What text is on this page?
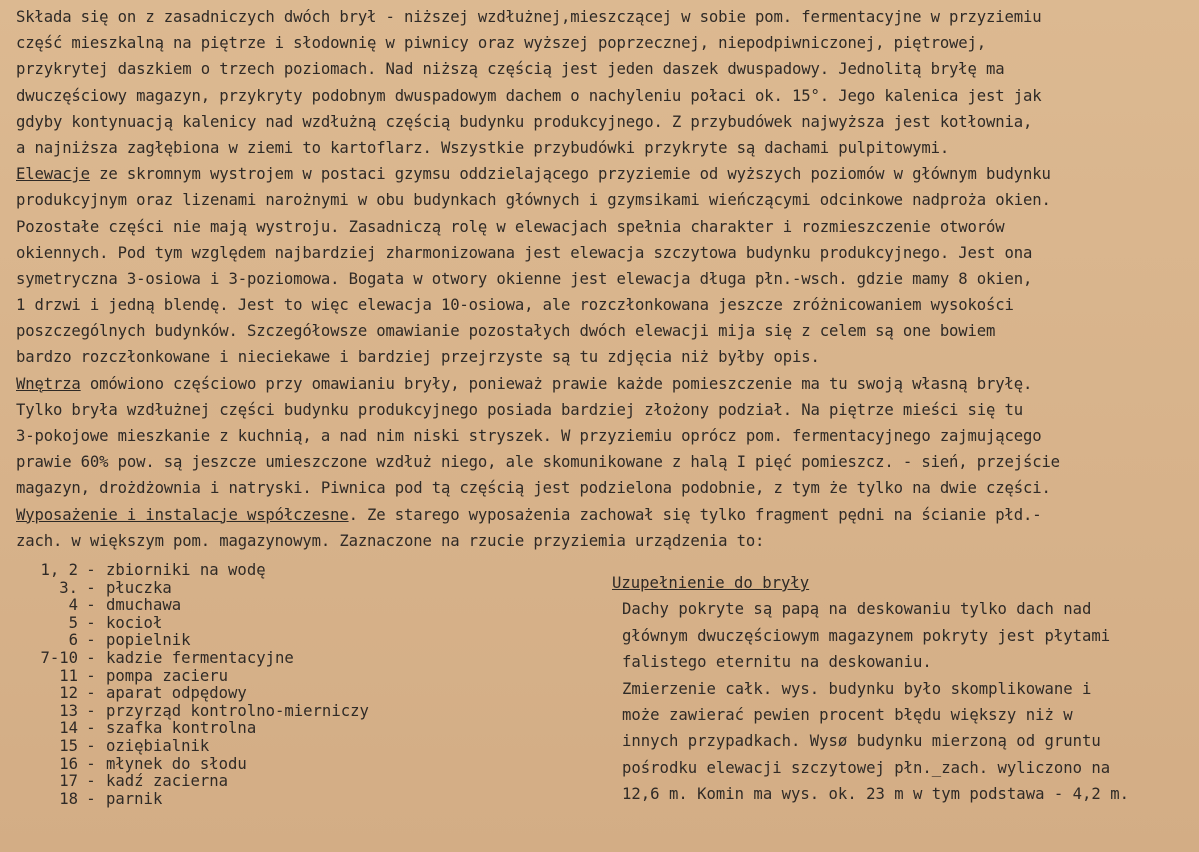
Składa się on z zasadniczych dwóch brył - niższej wzdłużnej,mieszczącej w sobie pom. fermentacyjne w przyziemiu
część mieszkalną na piętrze i słodownię w piwnicy oraz wyższej poprzecznej, niepodpiwniczonej, piętrowej,
przykrytej daszkiem o trzech poziomach. Nad niższą częścią jest jeden daszek dwuspadowy. Jednolitą bryłę ma
dwuczęściowy magazyn, przykryty podobnym dwuspadowym dachem o nachyleniu połaci ok. 15°. Jego kalenica jest jak
gdyby kontynuacją kalenicy nad wzdłużną częścią budynku produkcyjnego. Z przybudówek najwyższa jest kotłownia,
a najniższa zagłębiona w ziemi to kartoflarz. Wszystkie przybudówki przykryte są dachami pulpitowymi.
Elewacje ze skromnym wystrojem w postaci gzymsu oddzielającego przyziemie od wyższych poziomów w głównym budynku
produkcyjnym oraz lizenami narożnymi w obu budynkach głównych i gzymsikami wieńczącymi odcinkowe nadproża okien.
Pozostałe części nie mają wystroju. Zasadniczą rolę w elewacjach spełnia charakter i rozmieszczenie otworów
okiennych. Pod tym względem najbardziej zharmonizowana jest elewacja szczytowa budynku produkcyjnego. Jest ona
symetryczna 3-osiowa i 3-poziomowa. Bogata w otwory okienne jest elewacja długa płn.-wsch. gdzie mamy 8 okien,
1 drzwi i jedną blendę. Jest to więc elewacja 10-osiowa, ale rozczłonkowana jeszcze zróżnicowaniem wysokości
poszczególnych budynków. Szczegółowsze omawianie pozostałych dwóch elewacji mija się z celem są one bowiem
bardzo rozczłonkowane i nieciekawe i bardziej przejrzyste są tu zdjęcia niż byłby opis.
Wnętrza omówiono częściowo przy omawianiu bryły, ponieważ prawie każde pomieszczenie ma tu swoją własną bryłę.
Tylko bryła wzdłużnej części budynku produkcyjnego posiada bardziej złożony podział. Na piętrze mieści się tu
3-pokojowe mieszkanie z kuchnią, a nad nim niski stryszek. W przyziemiu oprócz pom. fermentacyjnego zajmującego
prawie 60% pow. są jeszcze umieszczone wzdłuż niego, ale skomunikowane z halą I pięć pomieszcz. - sień, przejście
magazyn, drożdżownia i natryski. Piwnica pod tą częścią jest podzielona podobnie, z tym że tylko na dwie części.
Wyposażenie i instalacje współczesne. Ze starego wyposażenia zachował się tylko fragment pędni na ścianie płd.-
zach. w większym pom. magazynowym. Zaznaczone na rzucie przyziemia urządzenia to:
1, 2 - zbiorniki na wodę
3. - płuczka
4 - dmuchawa
5 - kocioł
6 - popielnik
7-10 - kadzie fermentacyjne
11 - pompa zacieru
12 - aparat odpędowy
13 - przyrząd kontrolno-mierniczy
14 - szafka kontrolna
15 - oziębialnik
16 - młynek do słodu
17 - kadź zacierna
18 - parnik
Uzupełnienie do bryły
Dachy pokryte są papą na deskowaniu tylko dach nad
głównym dwuczęściowym magazynem pokryty jest płytami
falistego eternitu na deskowaniu.
Zmierzenie całk. wys. budynku było skomplikowane i
może zawierać pewien procent błędu większy niż w
innych przypadkach. Wysø budynku mierzoną od gruntu
pośrodku elewacji szczytowej płn._zach. wyliczono na
12,6 m. Komin ma wys. ok. 23 m w tym podstawa - 4,2 m.
